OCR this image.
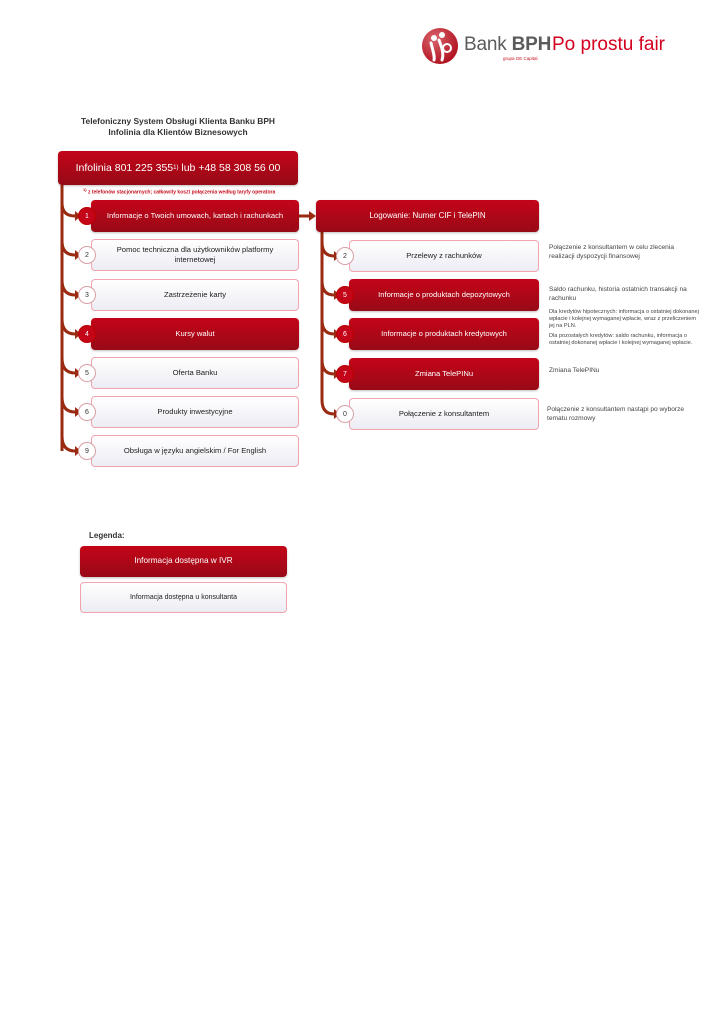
Bank BPH
grupa GE Capital
Po prostu fair
Telefoniczny System Obsługi Klienta Banku BPH
Infolinia dla Klientów Biznesowych
Infolinia 801 225 355 1) lub +48 58 308 56 00
$^{1)}$ z telefonów stacjonarnych; całkowity koszt połączenia według taryfy operatora
Informacje o Twoich umowach, kartach i rachunkach
1
Pomoc techniczna dla użytkowników platformy internetowej
2
Zastrzeżenie karty
3
Kursy walut
4
Oferta Banku
5
Produkty inwestycyjne
6
Obsługa w języku angielskim / For English
9
Logowanie: Numer CIF i TelePIN
Przelewy z rachunków
2
Informacje o produktach depozytowych
5
Informacje o produktach kredytowych
6
Zmiana TelePINu
7
Połączenie z konsultantem
0
Połączenie z konsultantem w celu zlecenia realizacji dyspozycji finansowej
Saldo rachunku, historia ostatnich transakcji na rachunku
Dla kredytów hipotecznych: informacja o ostatniej dokonanej wpłacie i kolejnej wymaganej wpłacie, wraz z przeliczeniem jej na PLN.
Dla pozostałych kredytów: saldo rachunku, informacja o ostatniej dokonanej wpłacie i kolejnej wymaganej wpłacie.
Zmiana TelePINu
Połączenie z konsultantem nastąpi po wyborze tematu rozmowy
Legenda:
Informacja dostępna w IVR
Informacja dostępna u konsultanta
